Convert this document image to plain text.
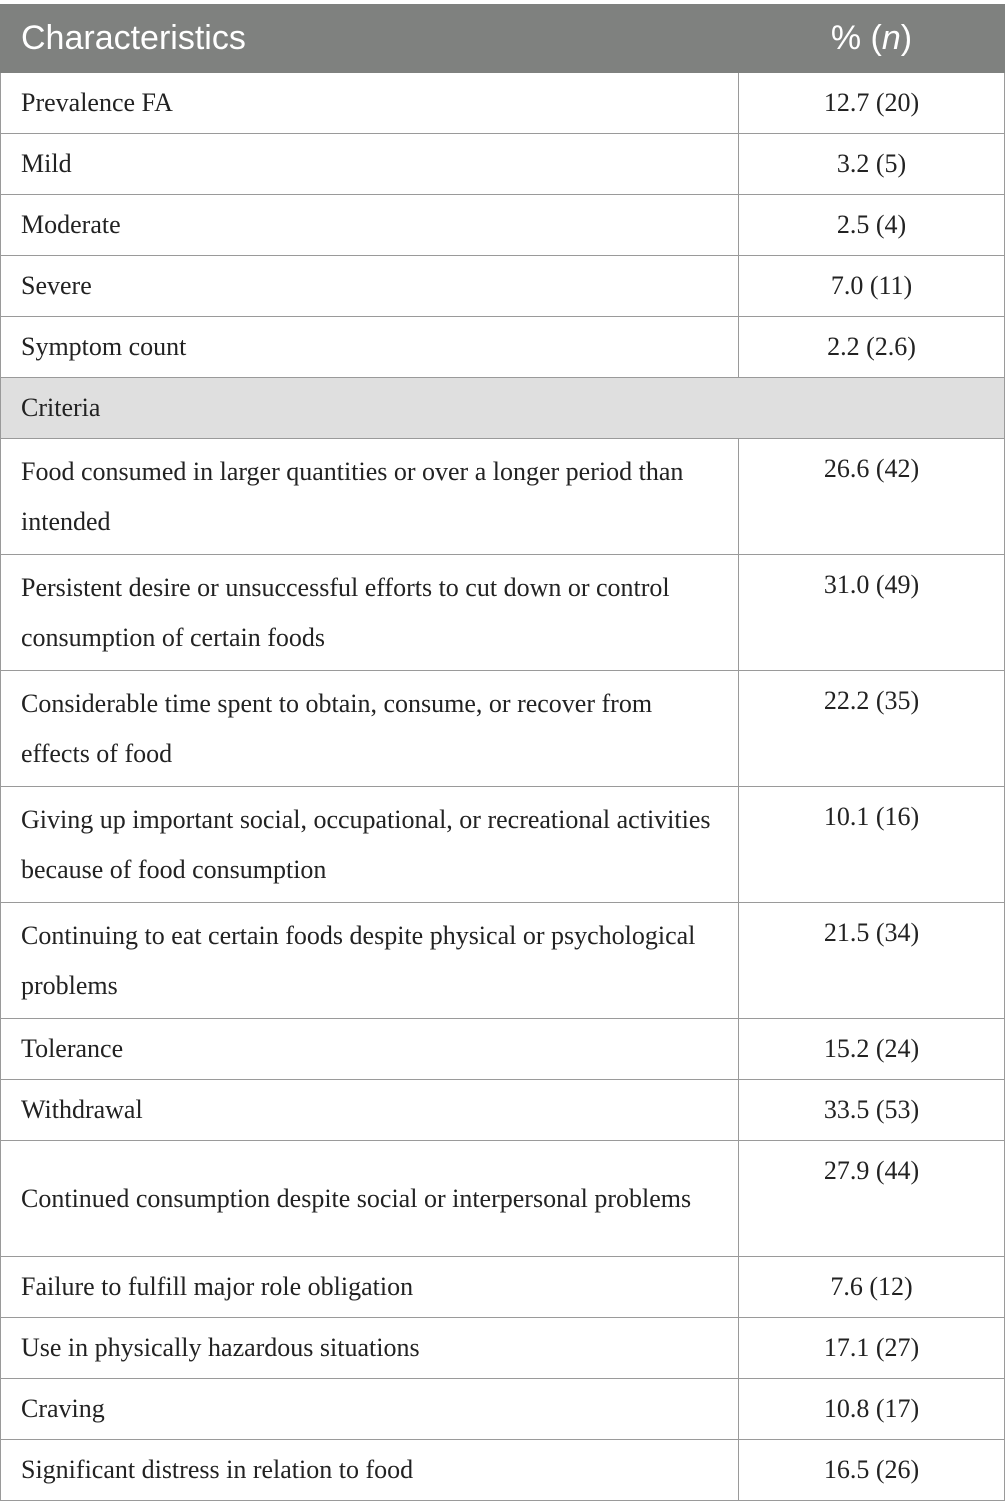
Characteristics	% (n)
Prevalence FA	12.7 (20)
Mild	3.2 (5)
Moderate	2.5 (4)
Severe	7.0 (11)
Symptom count	2.2 (2.6)
Criteria	
Food consumed in larger quantities or over a longer period than intended	26.6 (42)
Persistent desire or unsuccessful efforts to cut down or control consumption of certain foods	31.0 (49)
Considerable time spent to obtain, consume, or recover from effects of food	22.2 (35)
Giving up important social, occupational, or recreational activities because of food consumption	10.1 (16)
Continuing to eat certain foods despite physical or psychological problems	21.5 (34)
Tolerance	15.2 (24)
Withdrawal	33.5 (53)
Continued consumption despite social or interpersonal problems	27.9 (44)
Failure to fulfill major role obligation	7.6 (12)
Use in physically hazardous situations	17.1 (27)
Craving	10.8 (17)
Significant distress in relation to food	16.5 (26)
